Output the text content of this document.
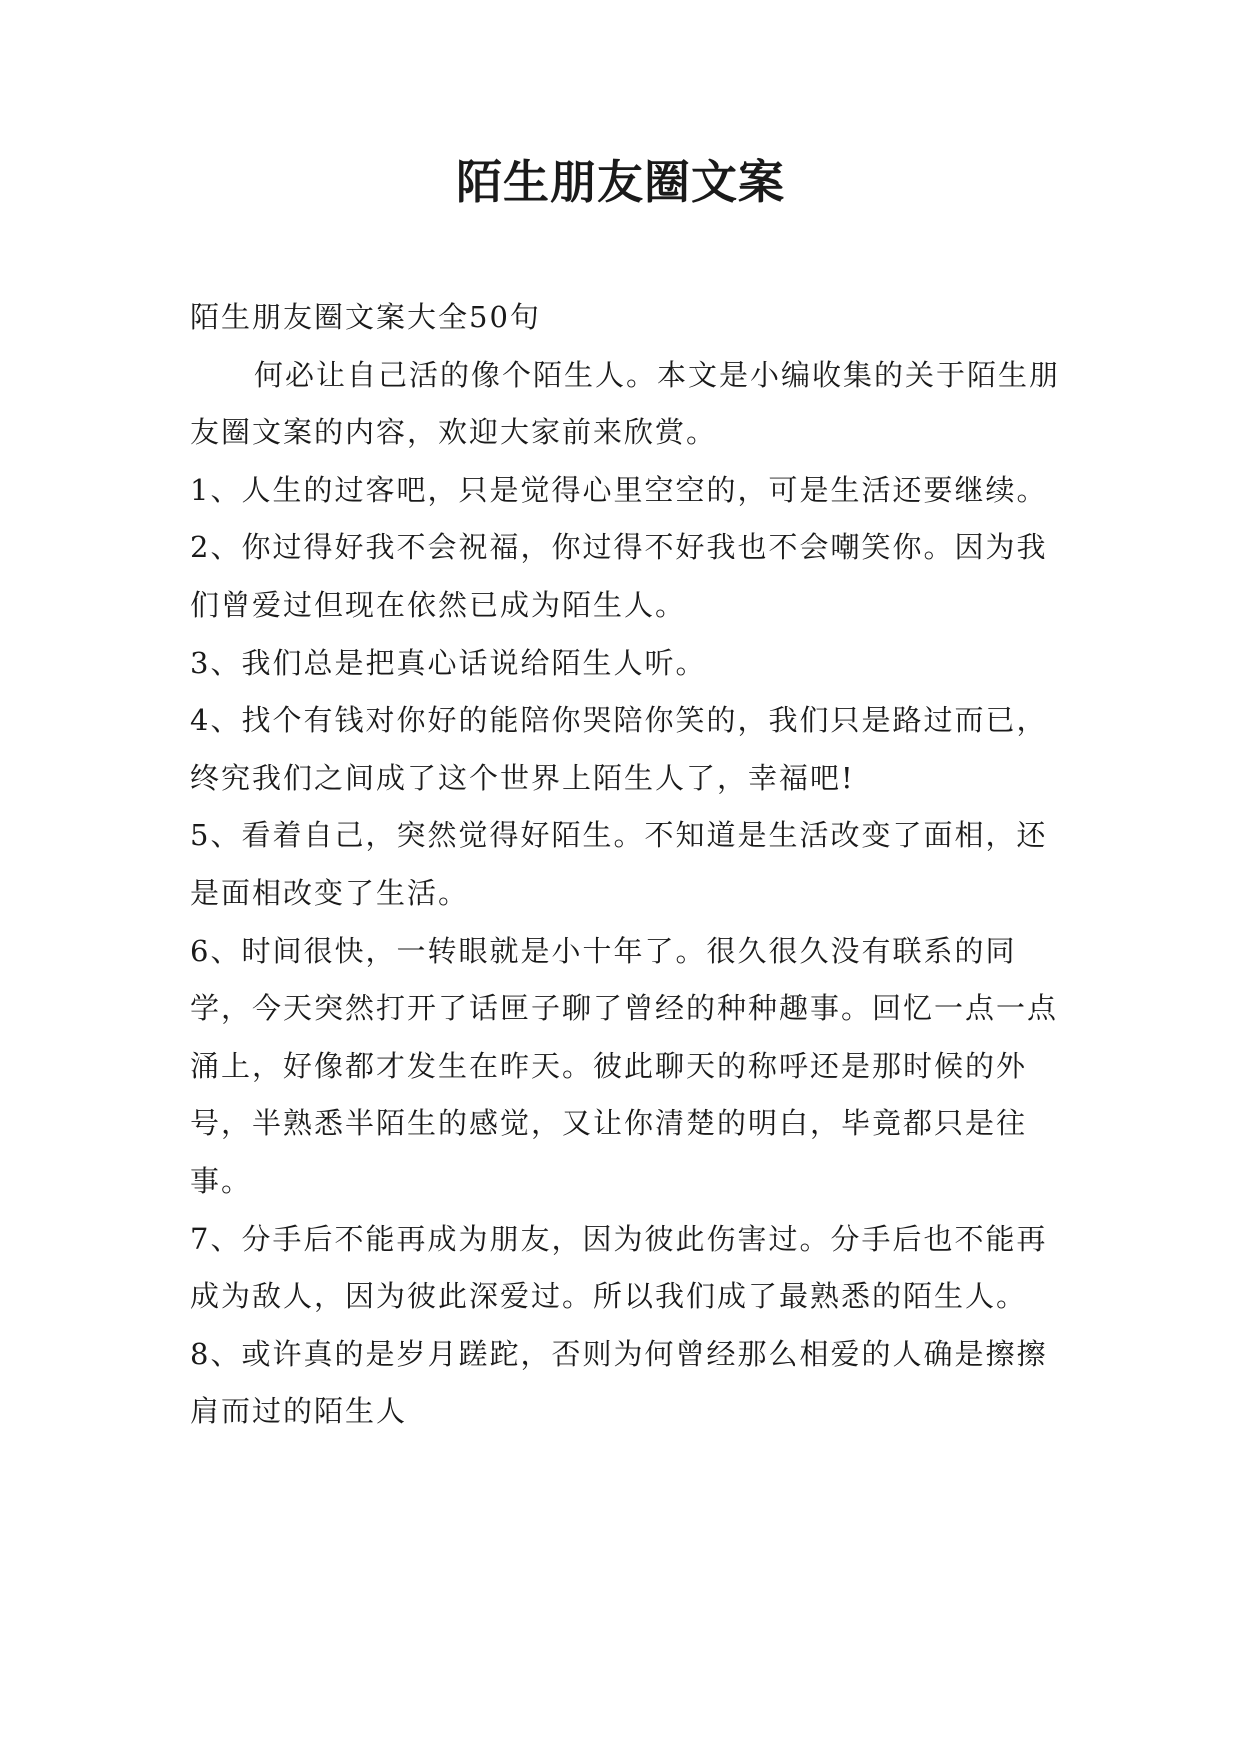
陌生朋友圈文案

陌生朋友圈文案大全50句

何必让自己活的像个陌生人。本文是小编收集的关于陌生朋友圈文案的内容，欢迎大家前来欣赏。

1、人生的过客吧，只是觉得心里空空的，可是生活还要继续。

2、你过得好我不会祝福，你过得不好我也不会嘲笑你。因为我们曾爱过但现在依然已成为陌生人。

3、我们总是把真心话说给陌生人听。

4、找个有钱对你好的能陪你哭陪你笑的，我们只是路过而已，终究我们之间成了这个世界上陌生人了，幸福吧!

5、看着自己，突然觉得好陌生。不知道是生活改变了面相，还是面相改变了生活。

6、时间很快，一转眼就是小十年了。很久很久没有联系的同学，今天突然打开了话匣子聊了曾经的种种趣事。回忆一点一点涌上，好像都才发生在昨天。彼此聊天的称呼还是那时候的外号，半熟悉半陌生的感觉，又让你清楚的明白，毕竟都只是往事。

7、分手后不能再成为朋友，因为彼此伤害过。分手后也不能再成为敌人，因为彼此深爱过。所以我们成了最熟悉的陌生人。

8、或许真的是岁月蹉跎，否则为何曾经那么相爱的人确是擦擦肩而过的陌生人
